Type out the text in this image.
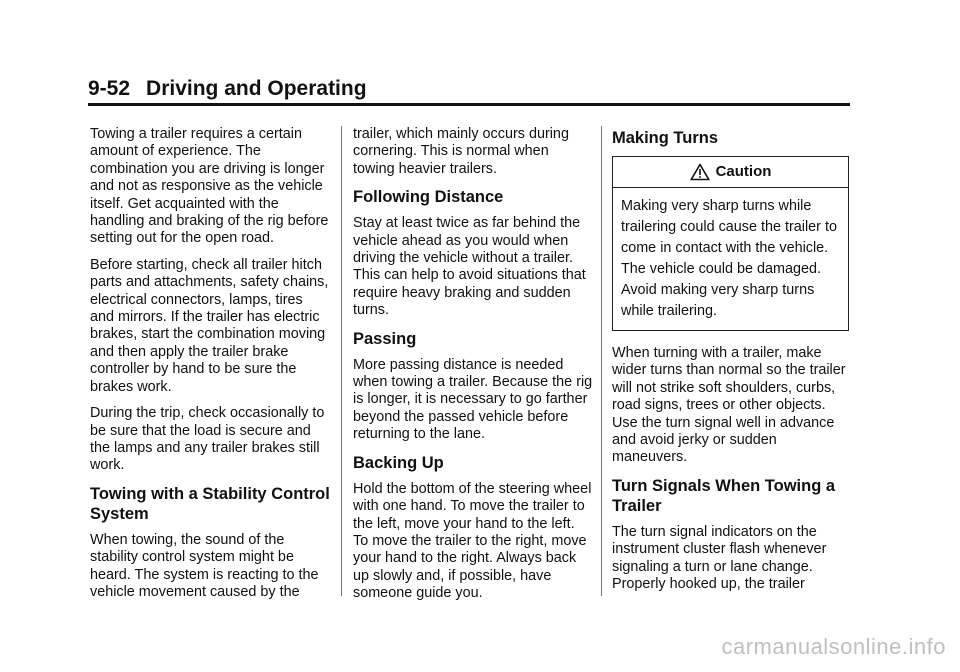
9-52 Driving and Operating

Towing a trailer requires a certain amount of experience. The combination you are driving is longer and not as responsive as the vehicle itself. Get acquainted with the handling and braking of the rig before setting out for the open road.

Before starting, check all trailer hitch parts and attachments, safety chains, electrical connectors, lamps, tires and mirrors. If the trailer has electric brakes, start the combination moving and then apply the trailer brake controller by hand to be sure the brakes work.

During the trip, check occasionally to be sure that the load is secure and the lamps and any trailer brakes still work.

Towing with a Stability Control System

When towing, the sound of the stability control system might be heard. The system is reacting to the vehicle movement caused by the

trailer, which mainly occurs during cornering. This is normal when towing heavier trailers.

Following Distance

Stay at least twice as far behind the vehicle ahead as you would when driving the vehicle without a trailer. This can help to avoid situations that require heavy braking and sudden turns.

Passing

More passing distance is needed when towing a trailer. Because the rig is longer, it is necessary to go farther beyond the passed vehicle before returning to the lane.

Backing Up

Hold the bottom of the steering wheel with one hand. To move the trailer to the left, move your hand to the left. To move the trailer to the right, move your hand to the right. Always back up slowly and, if possible, have someone guide you.

Making Turns
Caution
Making very sharp turns while trailering could cause the trailer to come in contact with the vehicle. The vehicle could be damaged. Avoid making very sharp turns while trailering.

When turning with a trailer, make wider turns than normal so the trailer will not strike soft shoulders, curbs, road signs, trees or other objects. Use the turn signal well in advance and avoid jerky or sudden maneuvers.

Turn Signals When Towing a Trailer

The turn signal indicators on the instrument cluster flash whenever signaling a turn or lane change. Properly hooked up, the trailer

carmanualsonline.info
